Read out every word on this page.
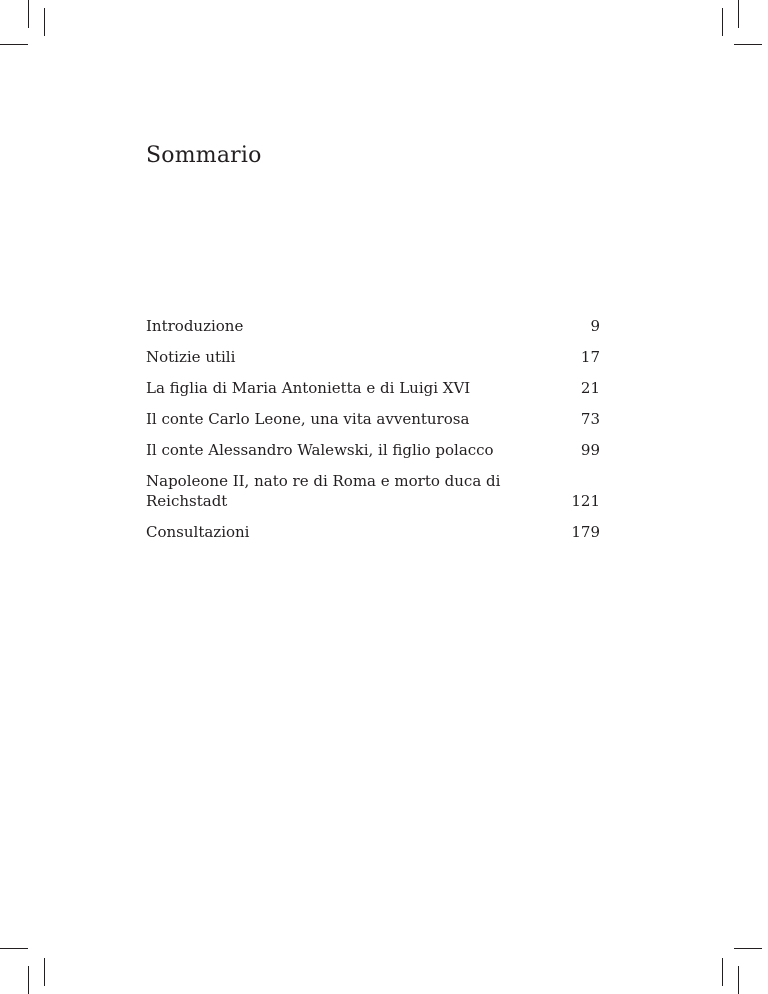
Sommario
Introduzione	9
Notizie utili	17
La figlia di Maria Antonietta e di Luigi XVI	21
Il conte Carlo Leone, una vita avventurosa	73
Il conte Alessandro Walewski, il figlio polacco	99
Napoleone II, nato re di Roma e morto duca di Reichstadt	121
Consultazioni	179
